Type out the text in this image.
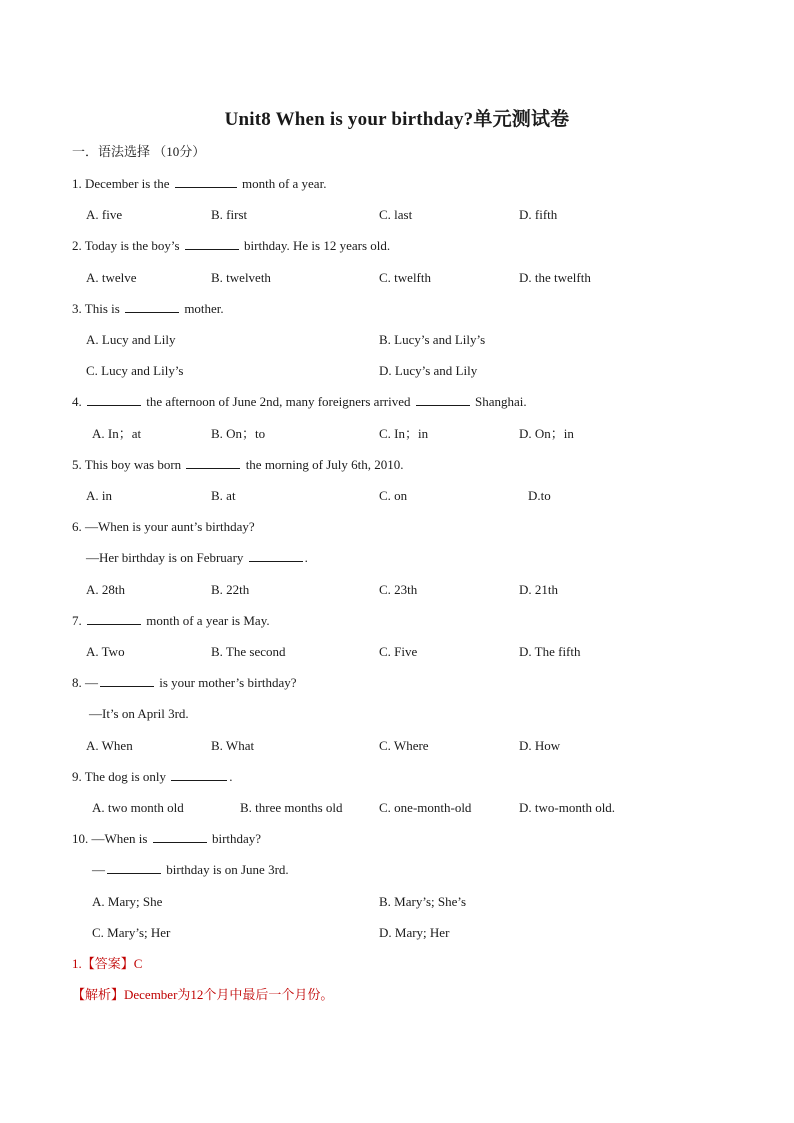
Unit8 When is your birthday?单元测试卷
一．语法选择 （10分）
1. December is the	month of a year.
A. five	B. first	C. last	D. fifth
2. Today is the boy’s	birthday. He is 12 years old.
A. twelve	B. twelveth	C. twelfth	D. the twelfth
3. This is	mother.
A. Lucy and Lily	B. Lucy’s and Lily’s
C. Lucy and Lily’s	D. Lucy’s and Lily
4.	the afternoon of June 2nd, many foreigners arrived	Shanghai.
A. In；at	B. On；to	C. In；in	D. On；in
5. This boy was born	the morning of July 6th, 2010.
A. in	B. at	C. on	D.to
6. —When is your aunt’s birthday?
—Her birthday is on February	.
A. 28th	B. 22th	C. 23th	D. 21th
7.	month of a year is May.
A. Two	B. The second	C. Five	D. The fifth
8. —	is your mother’s birthday?
—It’s on April 3rd.
A. When	B. What	C. Where	D. How
9. The dog is only	.
A. two month old	B. three months old	C. one-month-old	D. two-month old.
10. —When is	birthday?
—	birthday is on June 3rd.
A. Mary; She	B. Mary’s; She’s
C. Mary’s; Her	D. Mary; Her
1.【答案】C
【解析】December为12个月中最后一个月份。
